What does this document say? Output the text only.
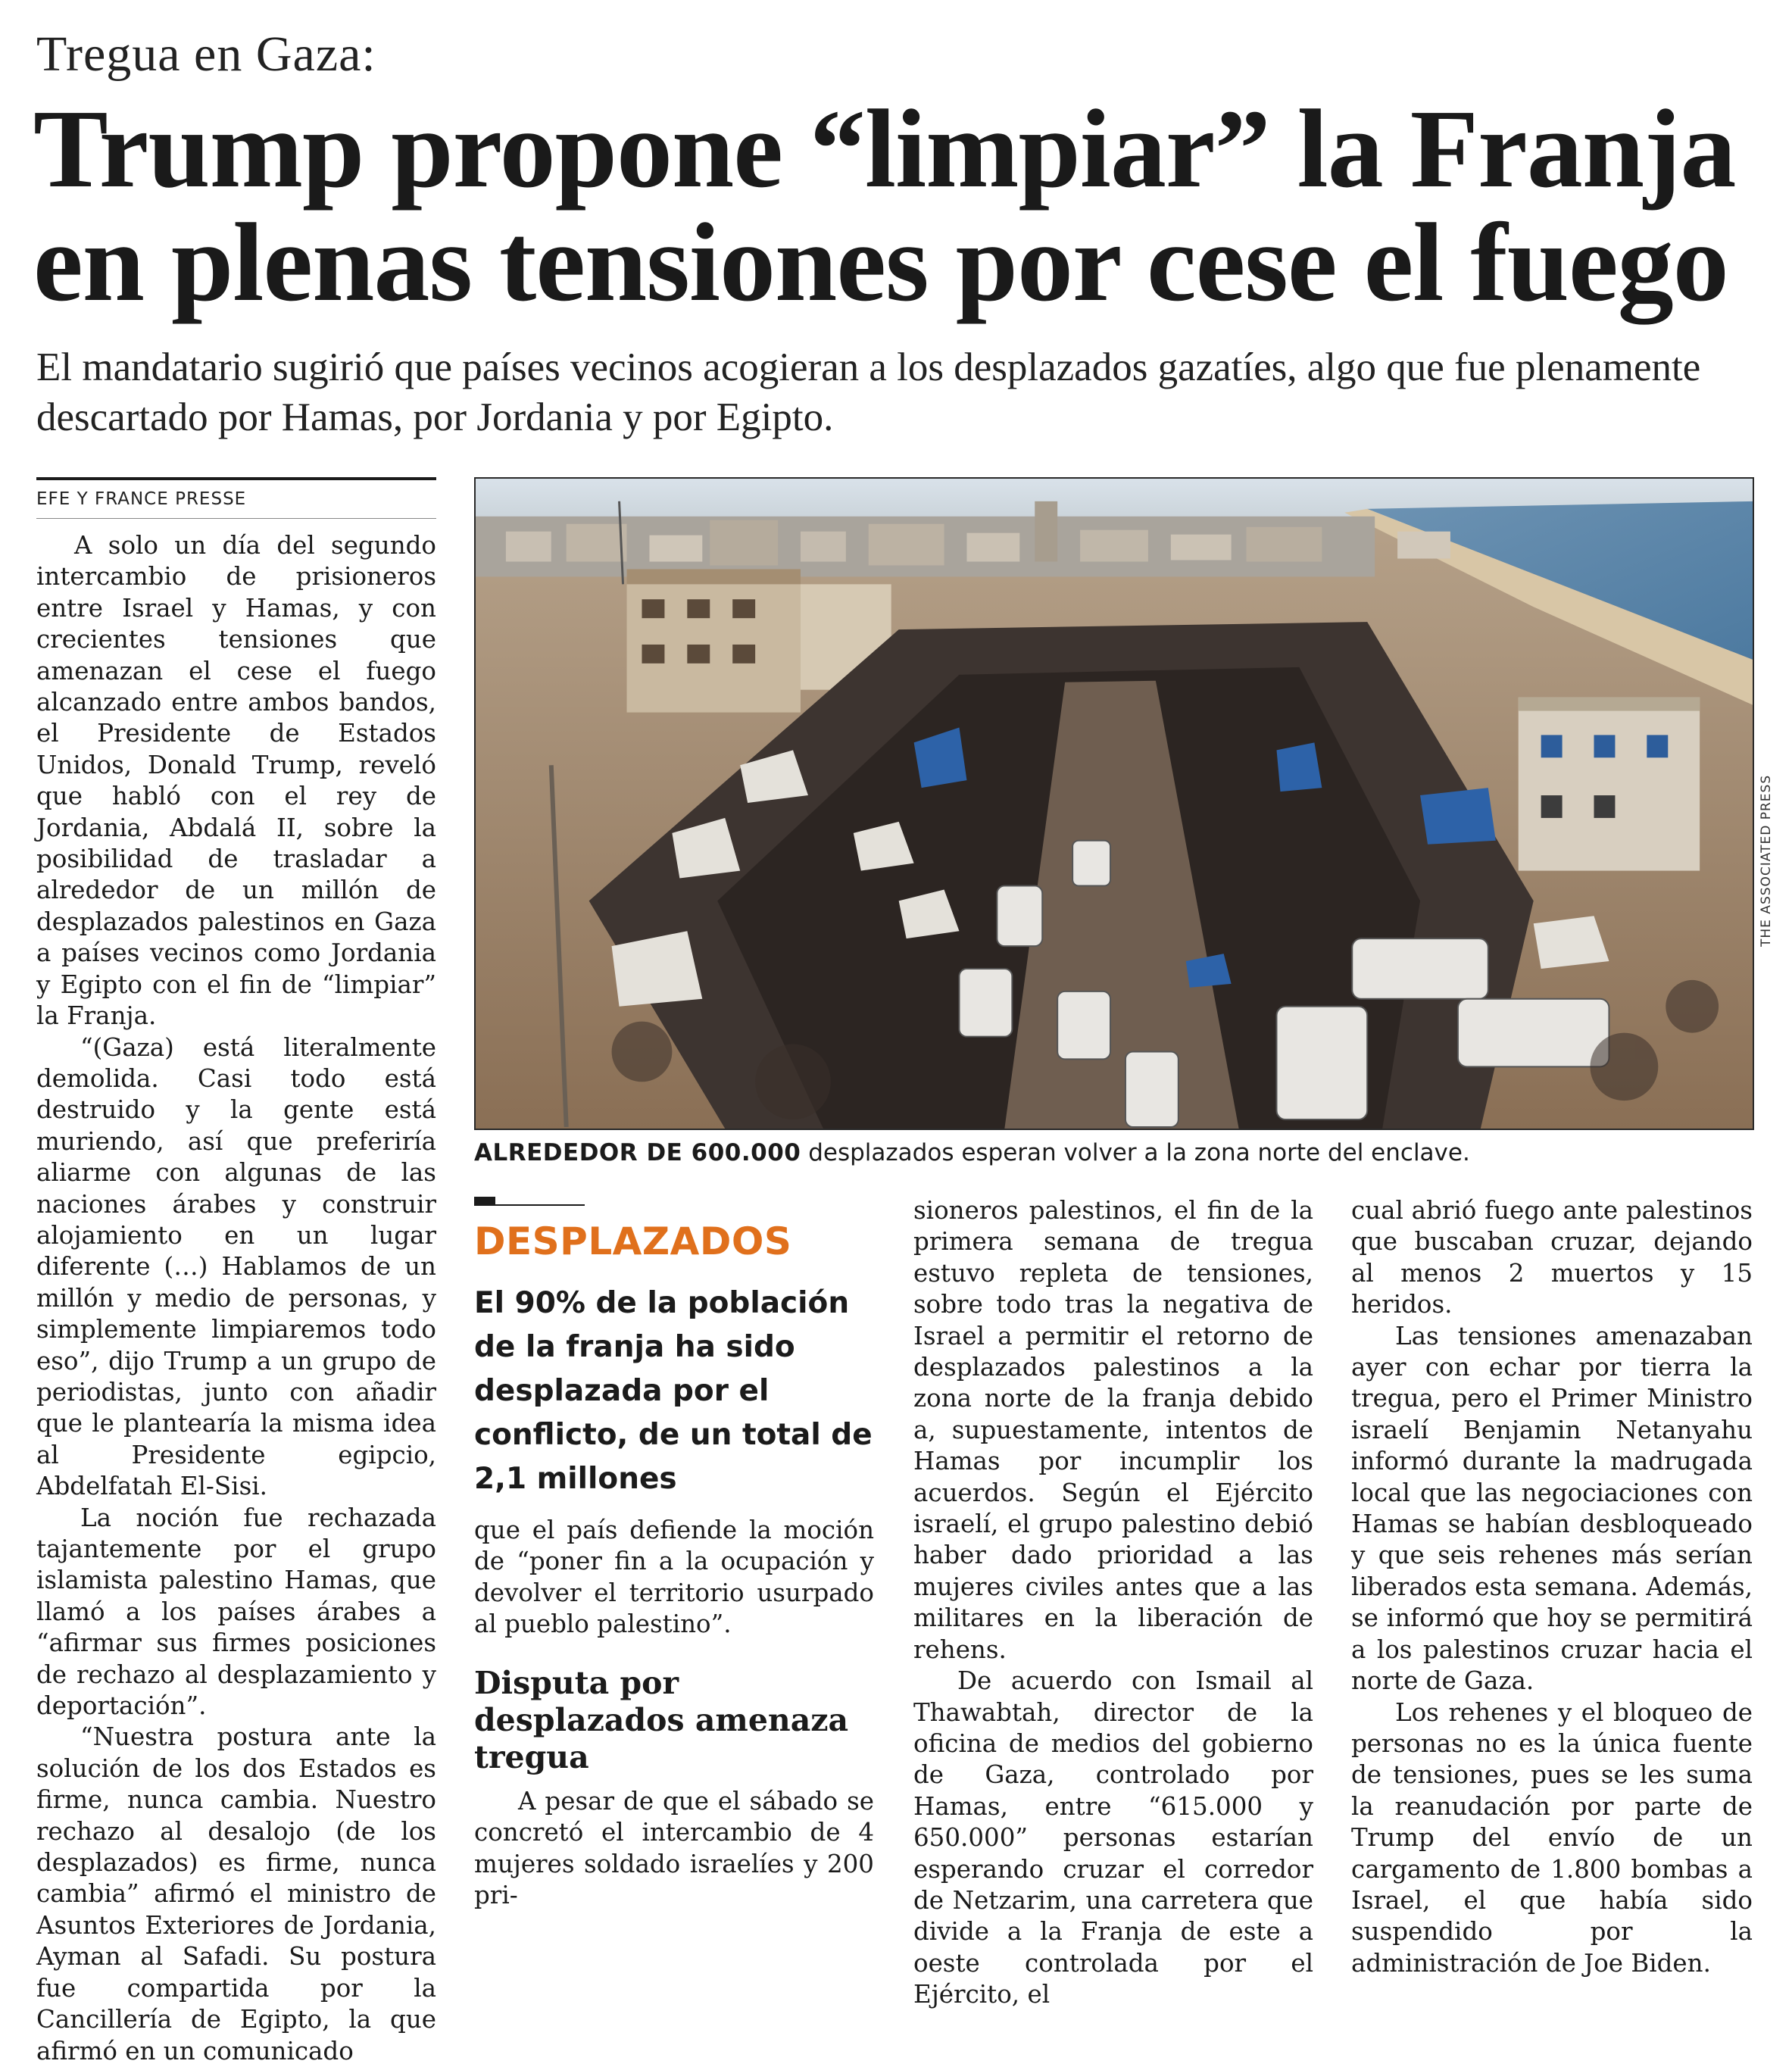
Tregua en Gaza:
Trump propone “limpiar” la Franja
en plenas tensiones por cese el fuego
El mandatario sugirió que países vecinos acogieran a los desplazados gazatíes, algo que fue plenamente descartado por Hamas, por Jordania y por Egipto.
EFE Y FRANCE PRESSE

A solo un día del segundo intercambio de prisioneros entre Israel y Hamas, y con crecientes tensiones que amenazan el cese el fuego alcanzado entre ambos bandos, el Presidente de Estados Unidos, Donald Trump, reveló que habló con el rey de Jordania, Abdalá II, sobre la posibilidad de trasladar a alrededor de un millón de desplazados palestinos en Gaza a países vecinos como Jordania y Egipto con el fin de “limpiar” la Franja.

“(Gaza) está literalmente demolida. Casi todo está destruido y la gente está muriendo, así que preferiría aliarme con algunas de las naciones árabes y construir alojamiento en un lugar diferente (…) Hablamos de un millón y medio de personas, y simplemente limpiaremos todo eso”, dijo Trump a un grupo de periodistas, junto con añadir que le plantearía la misma idea al Presidente egipcio, Abdelfatah El-Sisi.

La noción fue rechazada tajantemente por el grupo islamista palestino Hamas, que llamó a los países árabes a “afirmar sus firmes posiciones de rechazo al desplazamiento y deportación”.

“Nuestra postura ante la solución de los dos Estados es firme, nunca cambia. Nuestro rechazo al desalojo (de los desplazados) es firme, nunca cambia” afirmó el ministro de Asuntos Exteriores de Jordania, Ayman al Safadi. Su postura fue compartida por la Cancillería de Egipto, la que afirmó en un comunicado

THE ASSOCIATED PRESS
ALREDEDOR DE 600.000 desplazados esperan volver a la zona norte del enclave.
DESPLAZADOS
El 90% de la población de la franja ha sido desplazada por el conflicto, de un total de 2,1 millones

que el país defiende la moción de “poner fin a la ocupación y devolver el territorio usurpado al pueblo palestino”.

Disputa por desplazados amenaza tregua

A pesar de que el sábado se concretó el intercambio de 4 mujeres soldado israelíes y 200 pri-

sioneros palestinos, el fin de la primera semana de tregua estuvo repleta de tensiones, sobre todo tras la negativa de Israel a permitir el retorno de desplazados palestinos a la zona norte de la franja debido a, supuestamente, intentos de Hamas por incumplir los acuerdos. Según el Ejército israelí, el grupo palestino debió haber dado prioridad a las mujeres civiles antes que a las militares en la liberación de rehens.

De acuerdo con Ismail al Thawabtah, director de la oficina de medios del gobierno de Gaza, controlado por Hamas, entre “615.000 y 650.000” personas estarían esperando cruzar el corredor de Netzarim, una carretera que divide a la Franja de este a oeste controlada por el Ejército, el

cual abrió fuego ante palestinos que buscaban cruzar, dejando al menos 2 muertos y 15 heridos.

Las tensiones amenazaban ayer con echar por tierra la tregua, pero el Primer Ministro israelí Benjamin Netanyahu informó durante la madrugada local que las negociaciones con Hamas se habían desbloqueado y que seis rehenes más serían liberados esta semana. Además, se informó que hoy se permitirá a los palestinos cruzar hacia el norte de Gaza.

Los rehenes y el bloqueo de personas no es la única fuente de tensiones, pues se les suma la reanudación por parte de Trump del envío de un cargamento de 1.800 bombas a Israel, el que había sido suspendido por la administración de Joe Biden.
